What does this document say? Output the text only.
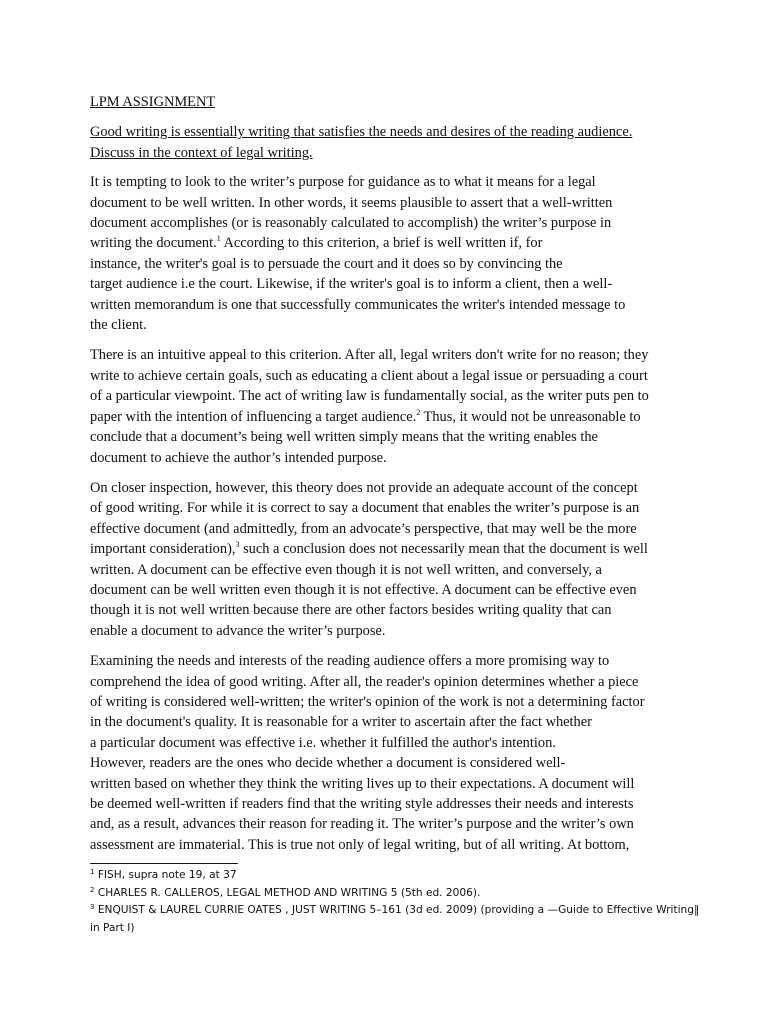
LPM ASSIGNMENT
Good writing is essentially writing that satisfies the needs and desires of the reading audience.
Discuss in the context of legal writing.

It is tempting to look to the writer’s purpose for guidance as to what it means for a legal
document to be well written. In other words, it seems plausible to assert that a well-written
document accomplishes (or is reasonably calculated to accomplish) the writer’s purpose in
writing the document.$^1$ According to this criterion, a brief is well written if, for
instance, the writer's goal is to persuade the court and it does so by convincing the
target audience i.e the court. Likewise, if the writer's goal is to inform a client, then a well-
written memorandum is one that successfully communicates the writer's intended message to
the client.

There is an intuitive appeal to this criterion. After all, legal writers don't write for no reason; they
write to achieve certain goals, such as educating a client about a legal issue or persuading a court
of a particular viewpoint. The act of writing law is fundamentally social, as the writer puts pen to
paper with the intention of influencing a target audience.$^2$ Thus, it would not be unreasonable to
conclude that a document’s being well written simply means that the writing enables the
document to achieve the author’s intended purpose.

On closer inspection, however, this theory does not provide an adequate account of the concept
of good writing. For while it is correct to say a document that enables the writer’s purpose is an
effective document (and admittedly, from an advocate’s perspective, that may well be the more
important consideration),$^3$ such a conclusion does not necessarily mean that the document is well
written. A document can be effective even though it is not well written, and conversely, a
document can be well written even though it is not effective. A document can be effective even
though it is not well written because there are other factors besides writing quality that can
enable a document to advance the writer’s purpose.

Examining the needs and interests of the reading audience offers a more promising way to
comprehend the idea of good writing. After all, the reader's opinion determines whether a piece
of writing is considered well-written; the writer's opinion of the work is not a determining factor
in the document's quality. It is reasonable for a writer to ascertain after the fact whether
a particular document was effective i.e. whether it fulfilled the author's intention.
However, readers are the ones who decide whether a document is considered well-
written based on whether they think the writing lives up to their expectations. A document will
be deemed well-written if readers find that the writing style addresses their needs and interests
and, as a result, advances their reason for reading it. The writer’s purpose and the writer’s own
assessment are immaterial. This is true not only of legal writing, but of all writing. At bottom,

$^1$ FISH, supra note 19, at 37
$^2$ CHARLES R. CALLEROS, LEGAL METHOD AND WRITING 5 (5th ed. 2006).
$^3$ ENQUIST & LAUREL CURRIE OATES , JUST WRITING 5–161 (3d ed. 2009) (providing a —Guide to Effective Writing‖
in Part I)
